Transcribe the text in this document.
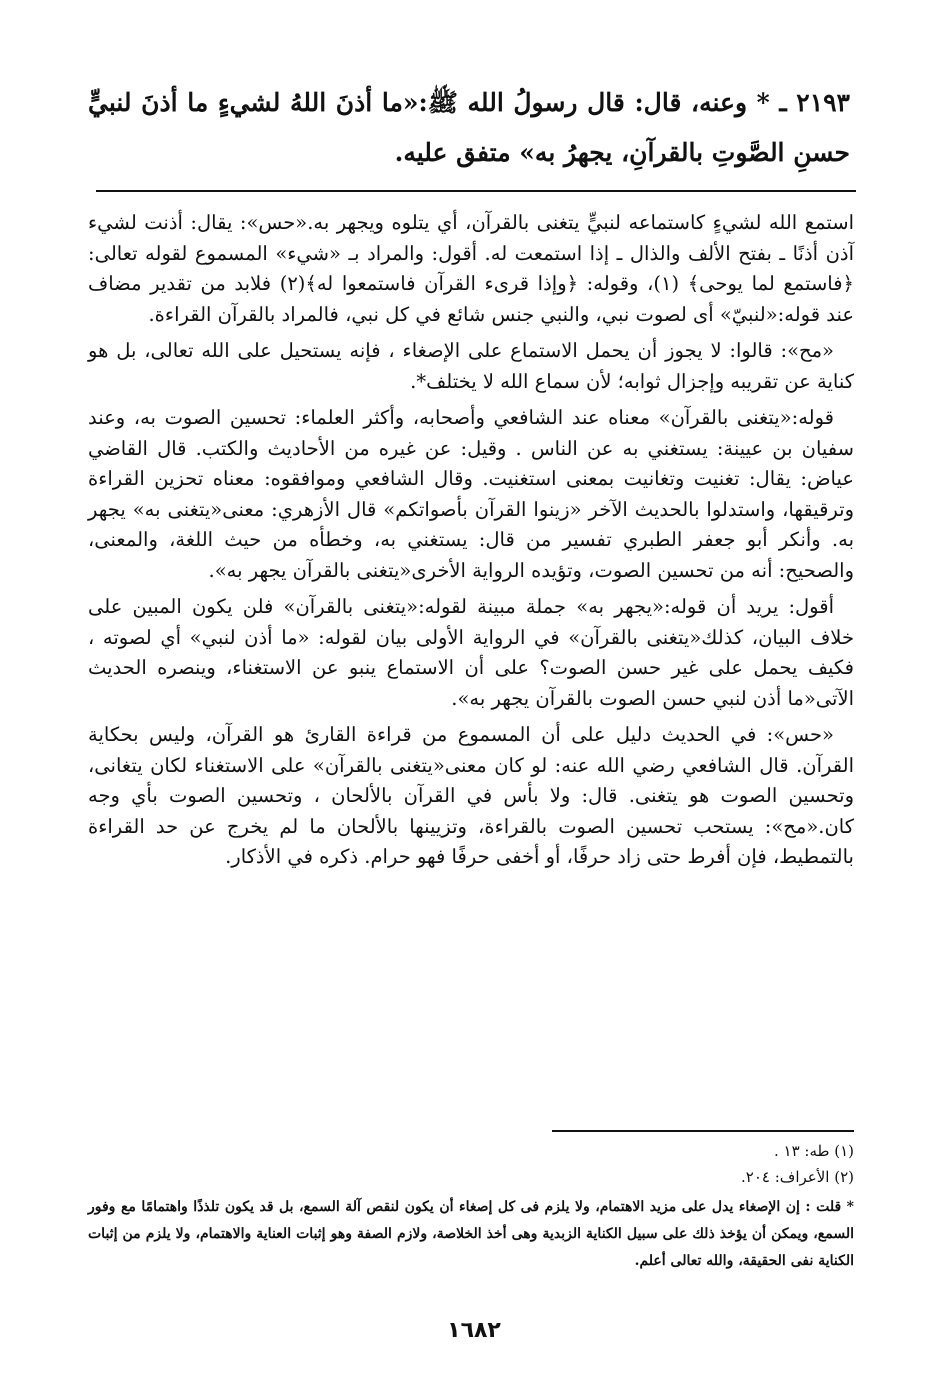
٢١٩٣ ـ * وعنه، قال: قال رسولُ الله ﷺ:«ما أذنَ اللهُ لشيءٍ ما أذنَ لنبيٍّ حسنِ الصَّوتِ بالقرآنِ، يجهرُ به» متفق عليه.

استمع الله لشيءٍ كاستماعه لنبيٍّ يتغنى بالقرآن، أي يتلوه ويجهر به.«حس»: يقال: أذنت لشيء آذن أذنًا ـ بفتح الألف والذال ـ إذا استمعت له. أقول: والمراد بـ «شيء» المسموع لقوله تعالى: ﴿فاستمع لما يوحى﴾ (١)، وقوله: ﴿وإذا قرىء القرآن فاستمعوا له﴾(٢) فلابد من تقدير مضاف عند قوله:«لنبيّ» أى لصوت نبي، والنبي جنس شائع في كل نبي، فالمراد بالقرآن القراءة.

«مح»: قالوا: لا يجوز أن يحمل الاستماع على الإصغاء ، فإنه يستحيل على الله تعالى، بل هو كناية عن تقريبه وإجزال ثوابه؛ لأن سماع الله لا يختلف*.

قوله:«يتغنى بالقرآن» معناه عند الشافعي وأصحابه، وأكثر العلماء: تحسين الصوت به، وعند سفيان بن عيينة: يستغني به عن الناس . وقيل: عن غيره من الأحاديث والكتب. قال القاضي عياض: يقال: تغنيت وتغانيت بمعنى استغنيت. وقال الشافعي وموافقوه: معناه تحزين القراءة وترقيقها، واستدلوا بالحديث الآخر «زينوا القرآن بأصواتكم» قال الأزهري: معنى«يتغنى به» يجهر به. وأنكر أبو جعفر الطبري تفسير من قال: يستغني به، وخطأه من حيث اللغة، والمعنى، والصحيح: أنه من تحسين الصوت، وتؤيده الرواية الأخرى«يتغنى بالقرآن يجهر به».

أقول: يريد أن قوله:«يجهر به» جملة مبينة لقوله:«يتغنى بالقرآن» فلن يكون المبين على خلاف البيان، كذلك«يتغنى بالقرآن» في الرواية الأولى بيان لقوله: «ما أذن لنبي» أي لصوته ، فكيف يحمل على غير حسن الصوت؟ على أن الاستماع ينبو عن الاستغناء، وينصره الحديث الآتى«ما أذن لنبي حسن الصوت بالقرآن يجهر به».

«حس»: في الحديث دليل على أن المسموع من قراءة القارئ هو القرآن، وليس بحكاية القرآن. قال الشافعي رضي الله عنه: لو كان معنى«يتغنى بالقرآن» على الاستغناء لكان يتغانى، وتحسين الصوت هو يتغنى. قال: ولا بأس في القرآن بالألحان ، وتحسين الصوت بأي وجه كان.«مح»: يستحب تحسين الصوت بالقراءة، وتزيينها بالألحان ما لم يخرج عن حد القراءة بالتمطيط، فإن أفرط حتى زاد حرفًا، أو أخفى حرفًا فهو حرام. ذكره في الأذكار.

(١) طه: ١٣ .

(٢) الأعراف: ٢٠٤.

* قلت : إن الإصغاء يدل على مزيد الاهتمام، ولا يلزم فى كل إصغاء أن يكون لنقص آلة السمع، بل قد يكون تلذذًا واهتمامًا مع وفور السمع، ويمكن أن يؤخذ ذلك على سبيل الكناية الزبدية وهى أخذ الخلاصة، ولازم الصفة وهو إثبات العناية والاهتمام، ولا يلزم من إثبات الكناية نفى الحقيقة، والله تعالى أعلم.

١٦٨٢
